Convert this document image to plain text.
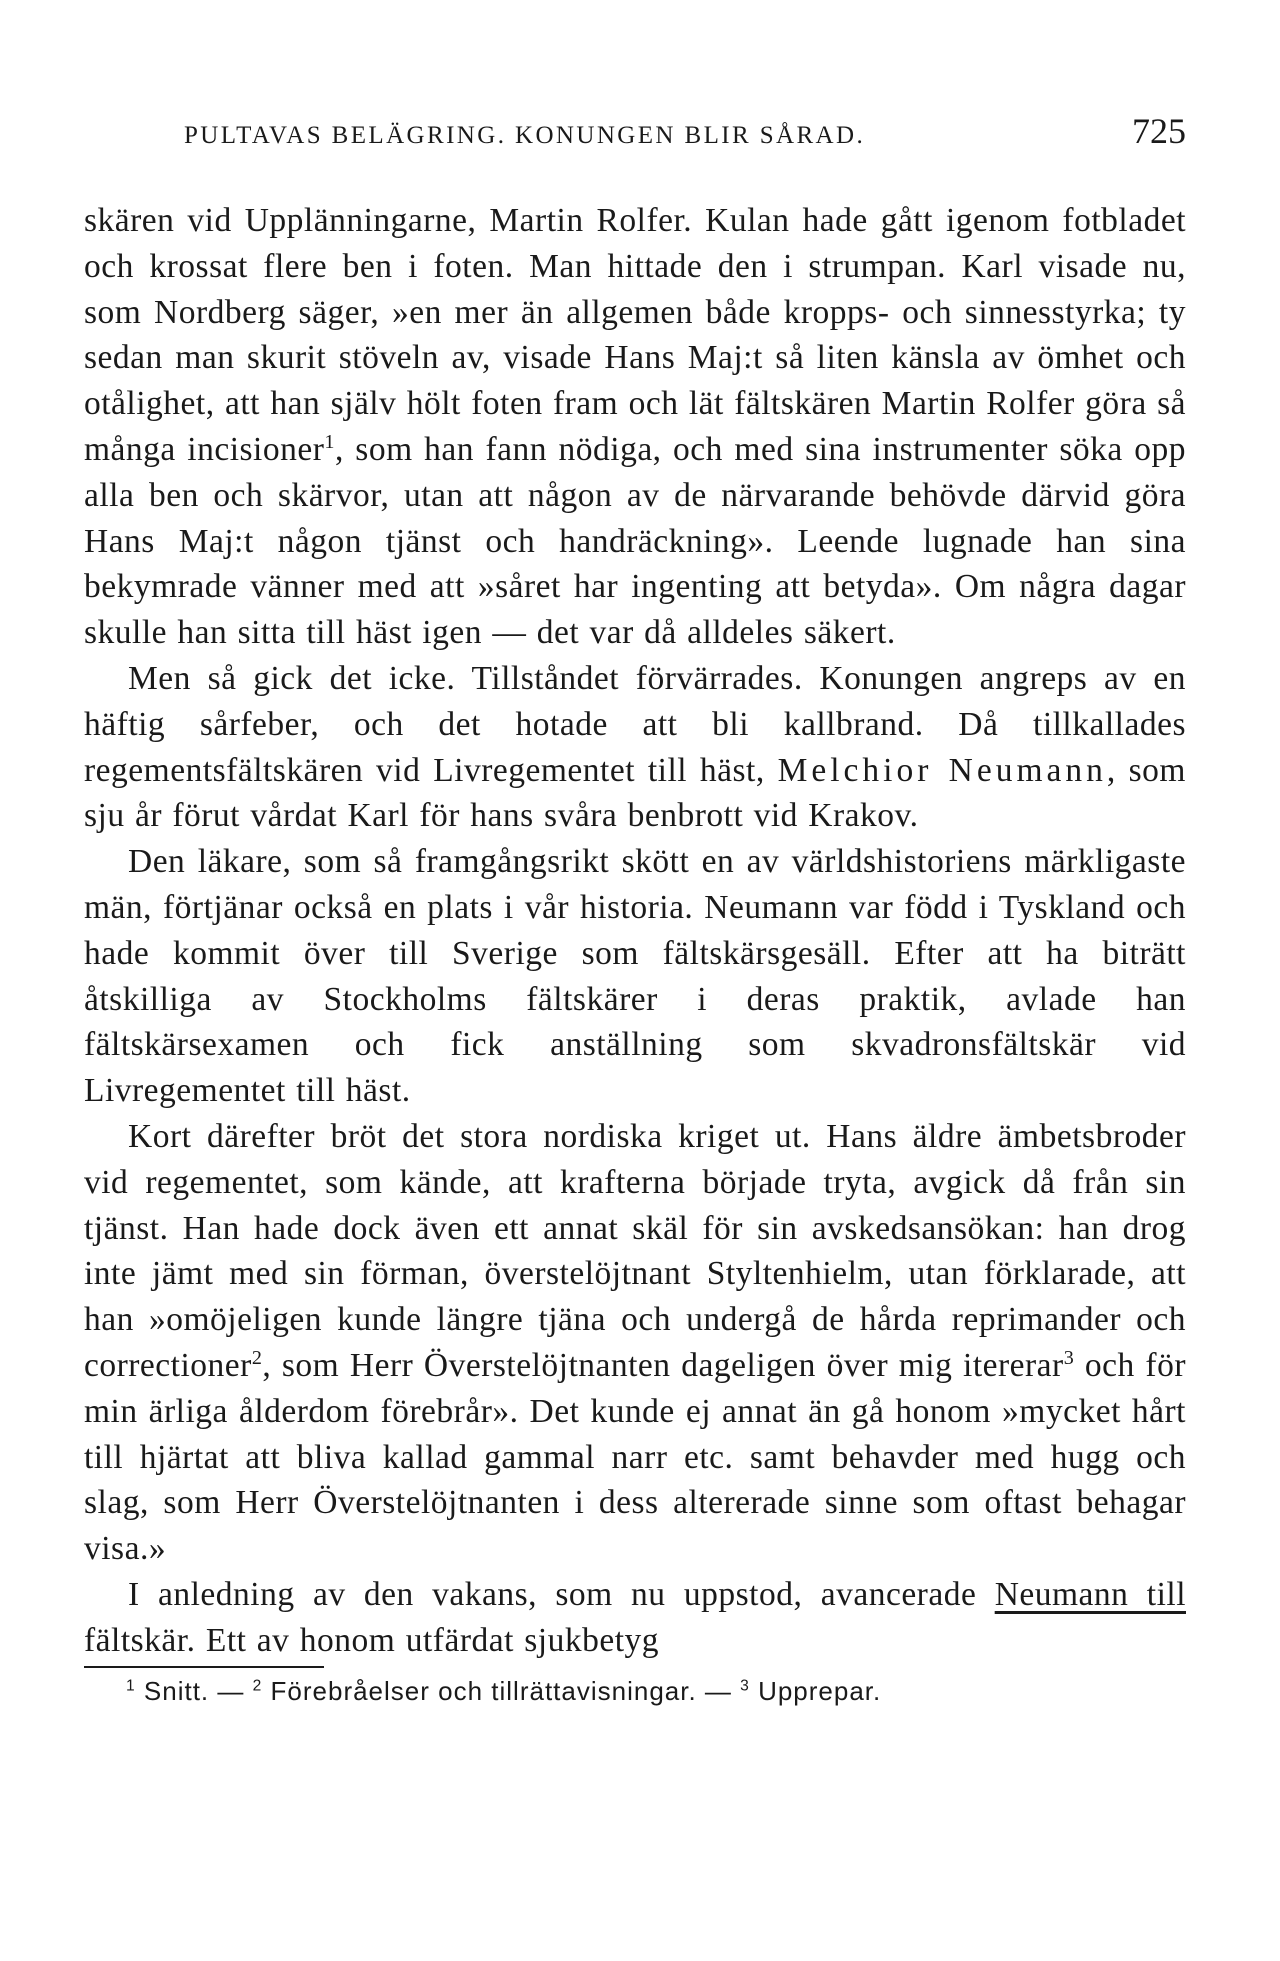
PULTAVAS BELÄGRING. KONUNGEN BLIR SÅRAD.	725

skären vid Upplänningarne, Martin Rolfer. Kulan hade gått igenom fotbladet och krossat flere ben i foten. Man hittade den i strumpan. Karl visade nu, som Nordberg säger, »en mer än allgemen både kropps- och sinnesstyrka; ty sedan man skurit stöveln av, visade Hans Maj:t så liten känsla av ömhet och otålighet, att han själv hölt foten fram och lät fältskären Martin Rolfer göra så många incisioner$^1$, som han fann nödiga, och med sina instrumenter söka opp alla ben och skärvor, utan att någon av de närvarande behövde därvid göra Hans Maj:t någon tjänst och handräckning». Leende lugnade han sina bekymrade vänner med att »såret har ingenting att betyda». Om några dagar skulle han sitta till häst igen — det var då alldeles säkert.

Men så gick det icke. Tillståndet förvärrades. Konungen angreps av en häftig sårfeber, och det hotade att bli kallbrand. Då tillkallades regementsfältskären vid Livregementet till häst, Melchior Neumann, som sju år förut vårdat Karl för hans svåra benbrott vid Krakov.

Den läkare, som så framgångsrikt skött en av världshistoriens märkligaste män, förtjänar också en plats i vår historia. Neumann var född i Tyskland och hade kommit över till Sverige som fältskärsgesäll. Efter att ha biträtt åtskilliga av Stockholms fältskärer i deras praktik, avlade han fältskärsexamen och fick anställning som skvadronsfältskär vid Livregementet till häst.

Kort därefter bröt det stora nordiska kriget ut. Hans äldre ämbetsbroder vid regementet, som kände, att krafterna började tryta, avgick då från sin tjänst. Han hade dock även ett annat skäl för sin avskedsansökan: han drog inte jämt med sin förman, överstelöjtnant Styltenhielm, utan förklarade, att han »omöjeligen kunde längre tjäna och undergå de hårda reprimander och correctioner$^2$, som Herr Överstelöjtnanten dageligen över mig itererar$^3$ och för min ärliga ålderdom förebrår». Det kunde ej annat än gå honom »mycket hårt till hjärtat att bliva kallad gammal narr etc. samt behavder med hugg och slag, som Herr Överstelöjtnanten i dess altererade sinne som oftast behagar visa.»

I anledning av den vakans, som nu uppstod, avancerade Neumann till fältskär. Ett av honom utfärdat sjukbetyg

$^1$ Snitt. — $^2$ Förebråelser och tillrättavisningar. — $^3$ Upprepar.
